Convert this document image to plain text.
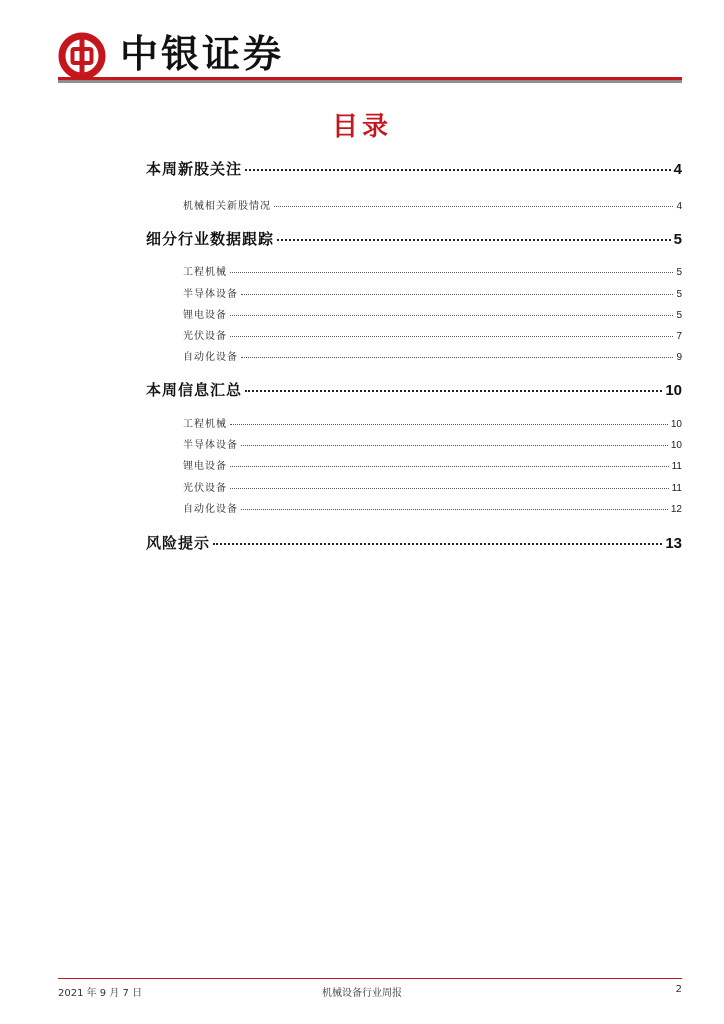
中银证券
目录
本周新股关注	4
机械相关新股情况	4
细分行业数据跟踪	5
工程机械	5
半导体设备	5
锂电设备	5
光伏设备	7
自动化设备	9
本周信息汇总	10
工程机械	10
半导体设备	10
锂电设备	11
光伏设备	11
自动化设备	12
风险提示	13
2021 年 9 月 7 日	机械设备行业周报	2
